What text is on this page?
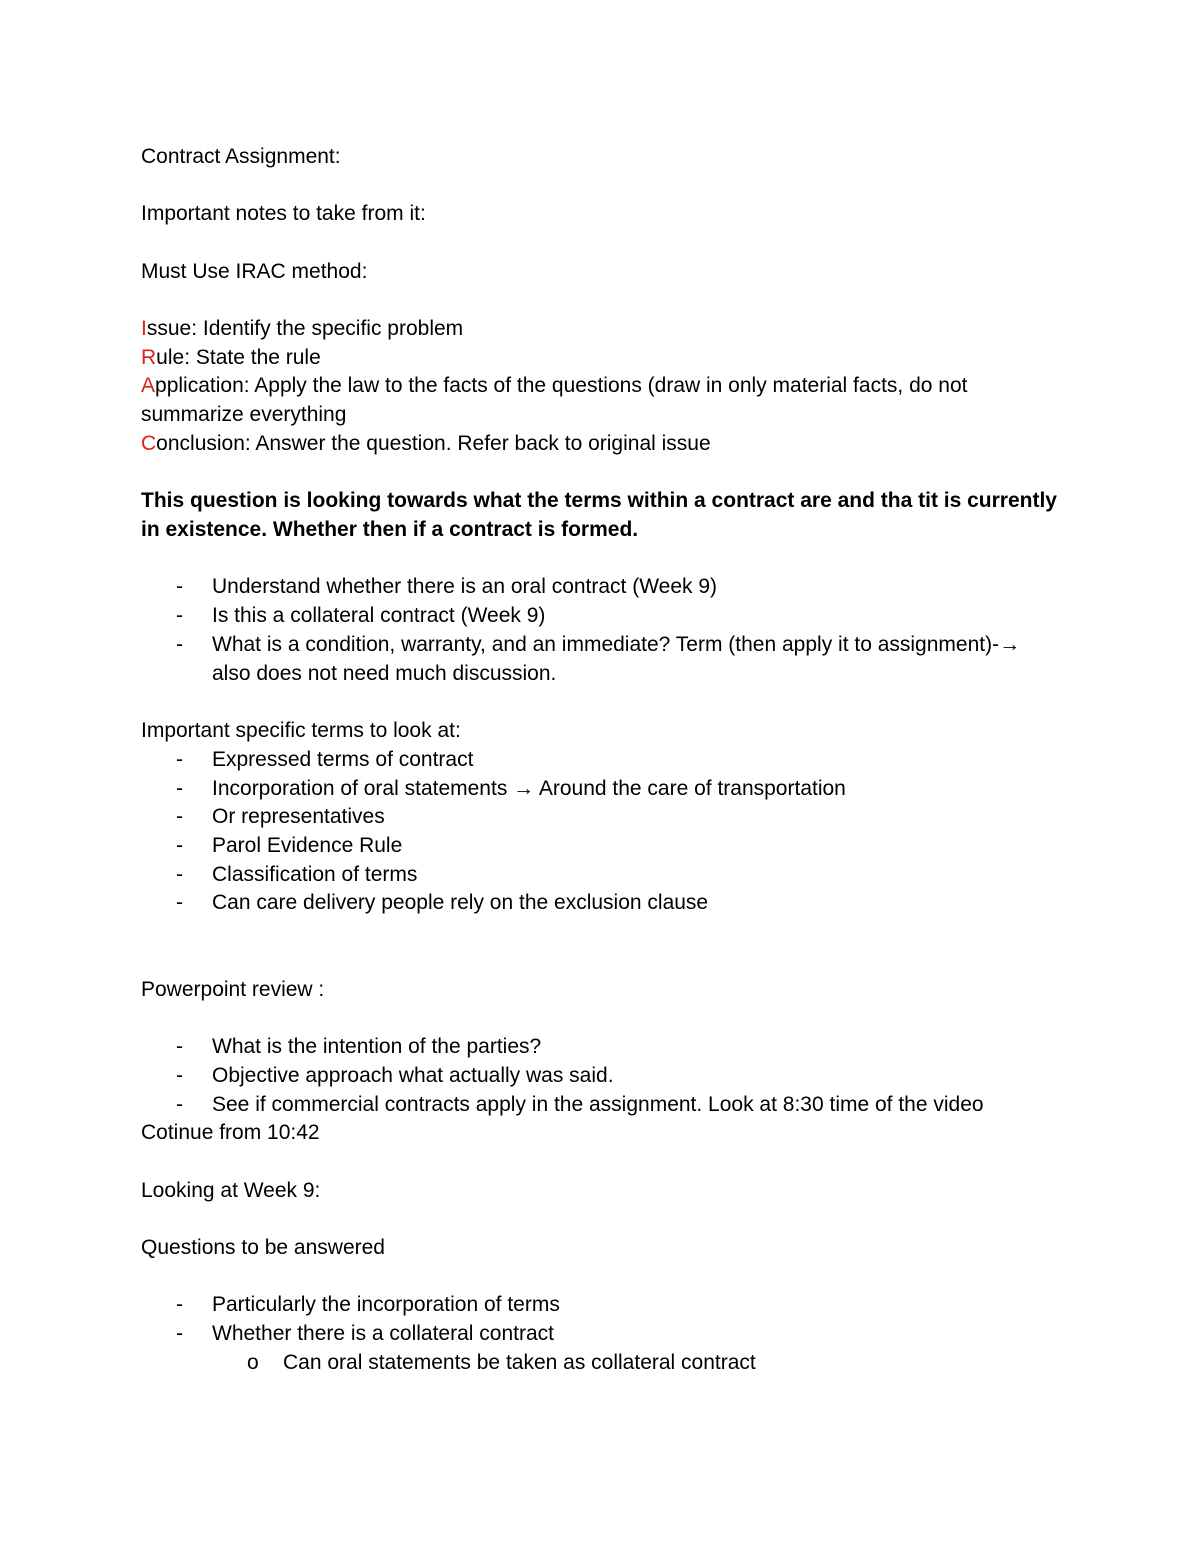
Contract Assignment:
Important notes to take from it:
Must Use IRAC method:
Issue: Identify the specific problem
Rule: State the rule
Application: Apply the law to the facts of the questions (draw in only material facts, do not
summarize everything
Conclusion: Answer the question. Refer back to original issue
This question is looking towards what the terms within a contract are and tha tit is currently
in existence. Whether then if a contract is formed.
- Understand whether there is an oral contract (Week 9)
- Is this a collateral contract (Week 9)
- What is a condition, warranty, and an immediate? Term (then apply it to assignment)-→
also does not need much discussion.
Important specific terms to look at:
- Expressed terms of contract
- Incorporation of oral statements → Around the care of transportation
- Or representatives
- Parol Evidence Rule
- Classification of terms
- Can care delivery people rely on the exclusion clause
Powerpoint review :
- What is the intention of the parties?
- Objective approach what actually was said.
- See if commercial contracts apply in the assignment. Look at 8:30 time of the video
Cotinue from 10:42
Looking at Week 9:
Questions to be answered
- Particularly the incorporation of terms
- Whether there is a collateral contract
o Can oral statements be taken as collateral contract
